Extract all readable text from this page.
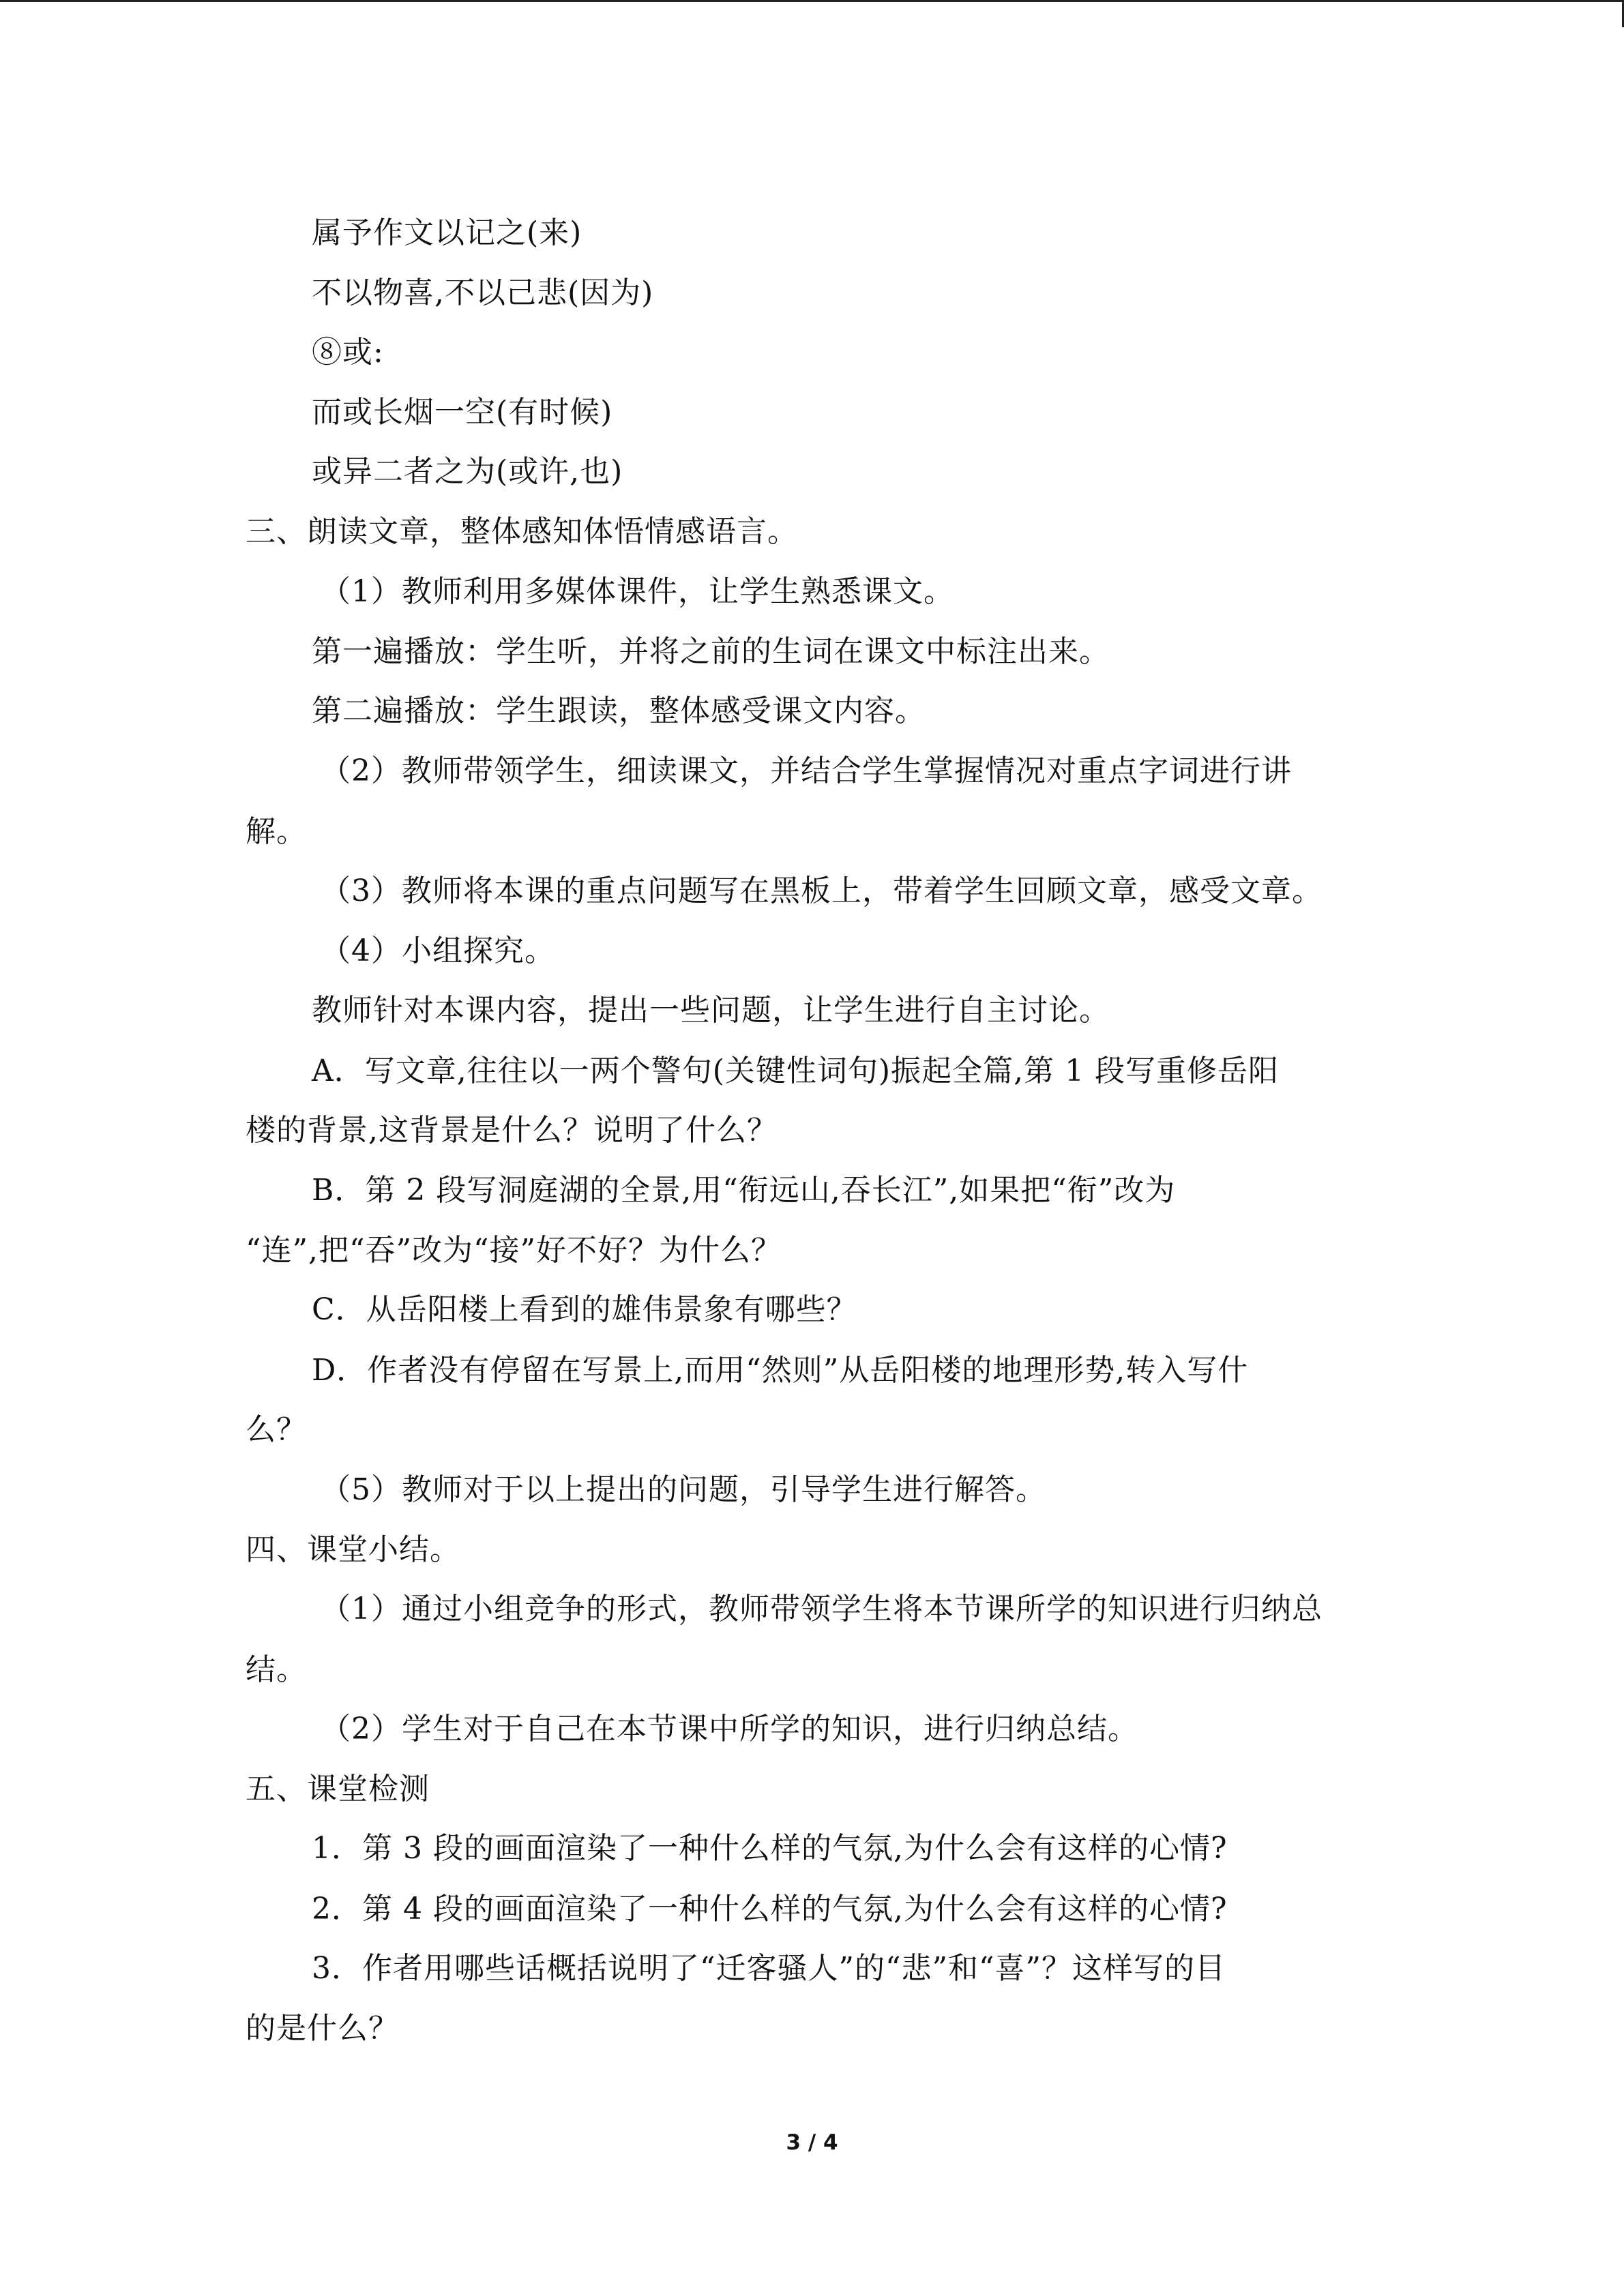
属予作文以记之(来)
不以物喜,不以己悲(因为)
⑧或:
而或长烟一空(有时候)
或异二者之为(或许,也)
三、朗读文章，整体感知体悟情感语言。
（1）教师利用多媒体课件，让学生熟悉课文。
第一遍播放：学生听，并将之前的生词在课文中标注出来。
第二遍播放：学生跟读，整体感受课文内容。
（2）教师带领学生，细读课文，并结合学生掌握情况对重点字词进行讲
解。
（3）教师将本课的重点问题写在黑板上，带着学生回顾文章，感受文章。
（4）小组探究。
教师针对本课内容，提出一些问题，让学生进行自主讨论。
A．写文章,往往以一两个警句(关键性词句)振起全篇,第 1 段写重修岳阳
楼的背景,这背景是什么？说明了什么？
B．第 2 段写洞庭湖的全景,用“衔远山,吞长江”,如果把“衔”改为
“连”,把“吞”改为“接”好不好？为什么？
C．从岳阳楼上看到的雄伟景象有哪些？
D．作者没有停留在写景上,而用“然则”从岳阳楼的地理形势,转入写什
么？
（5）教师对于以上提出的问题，引导学生进行解答。
四、课堂小结。
（1）通过小组竞争的形式，教师带领学生将本节课所学的知识进行归纳总
结。
（2）学生对于自己在本节课中所学的知识，进行归纳总结。
五、课堂检测
1．第 3 段的画面渲染了一种什么样的气氛,为什么会有这样的心情?
2．第 4 段的画面渲染了一种什么样的气氛,为什么会有这样的心情?
3．作者用哪些话概括说明了“迁客骚人”的“悲”和“喜”？这样写的目
的是什么？
3 / 4
